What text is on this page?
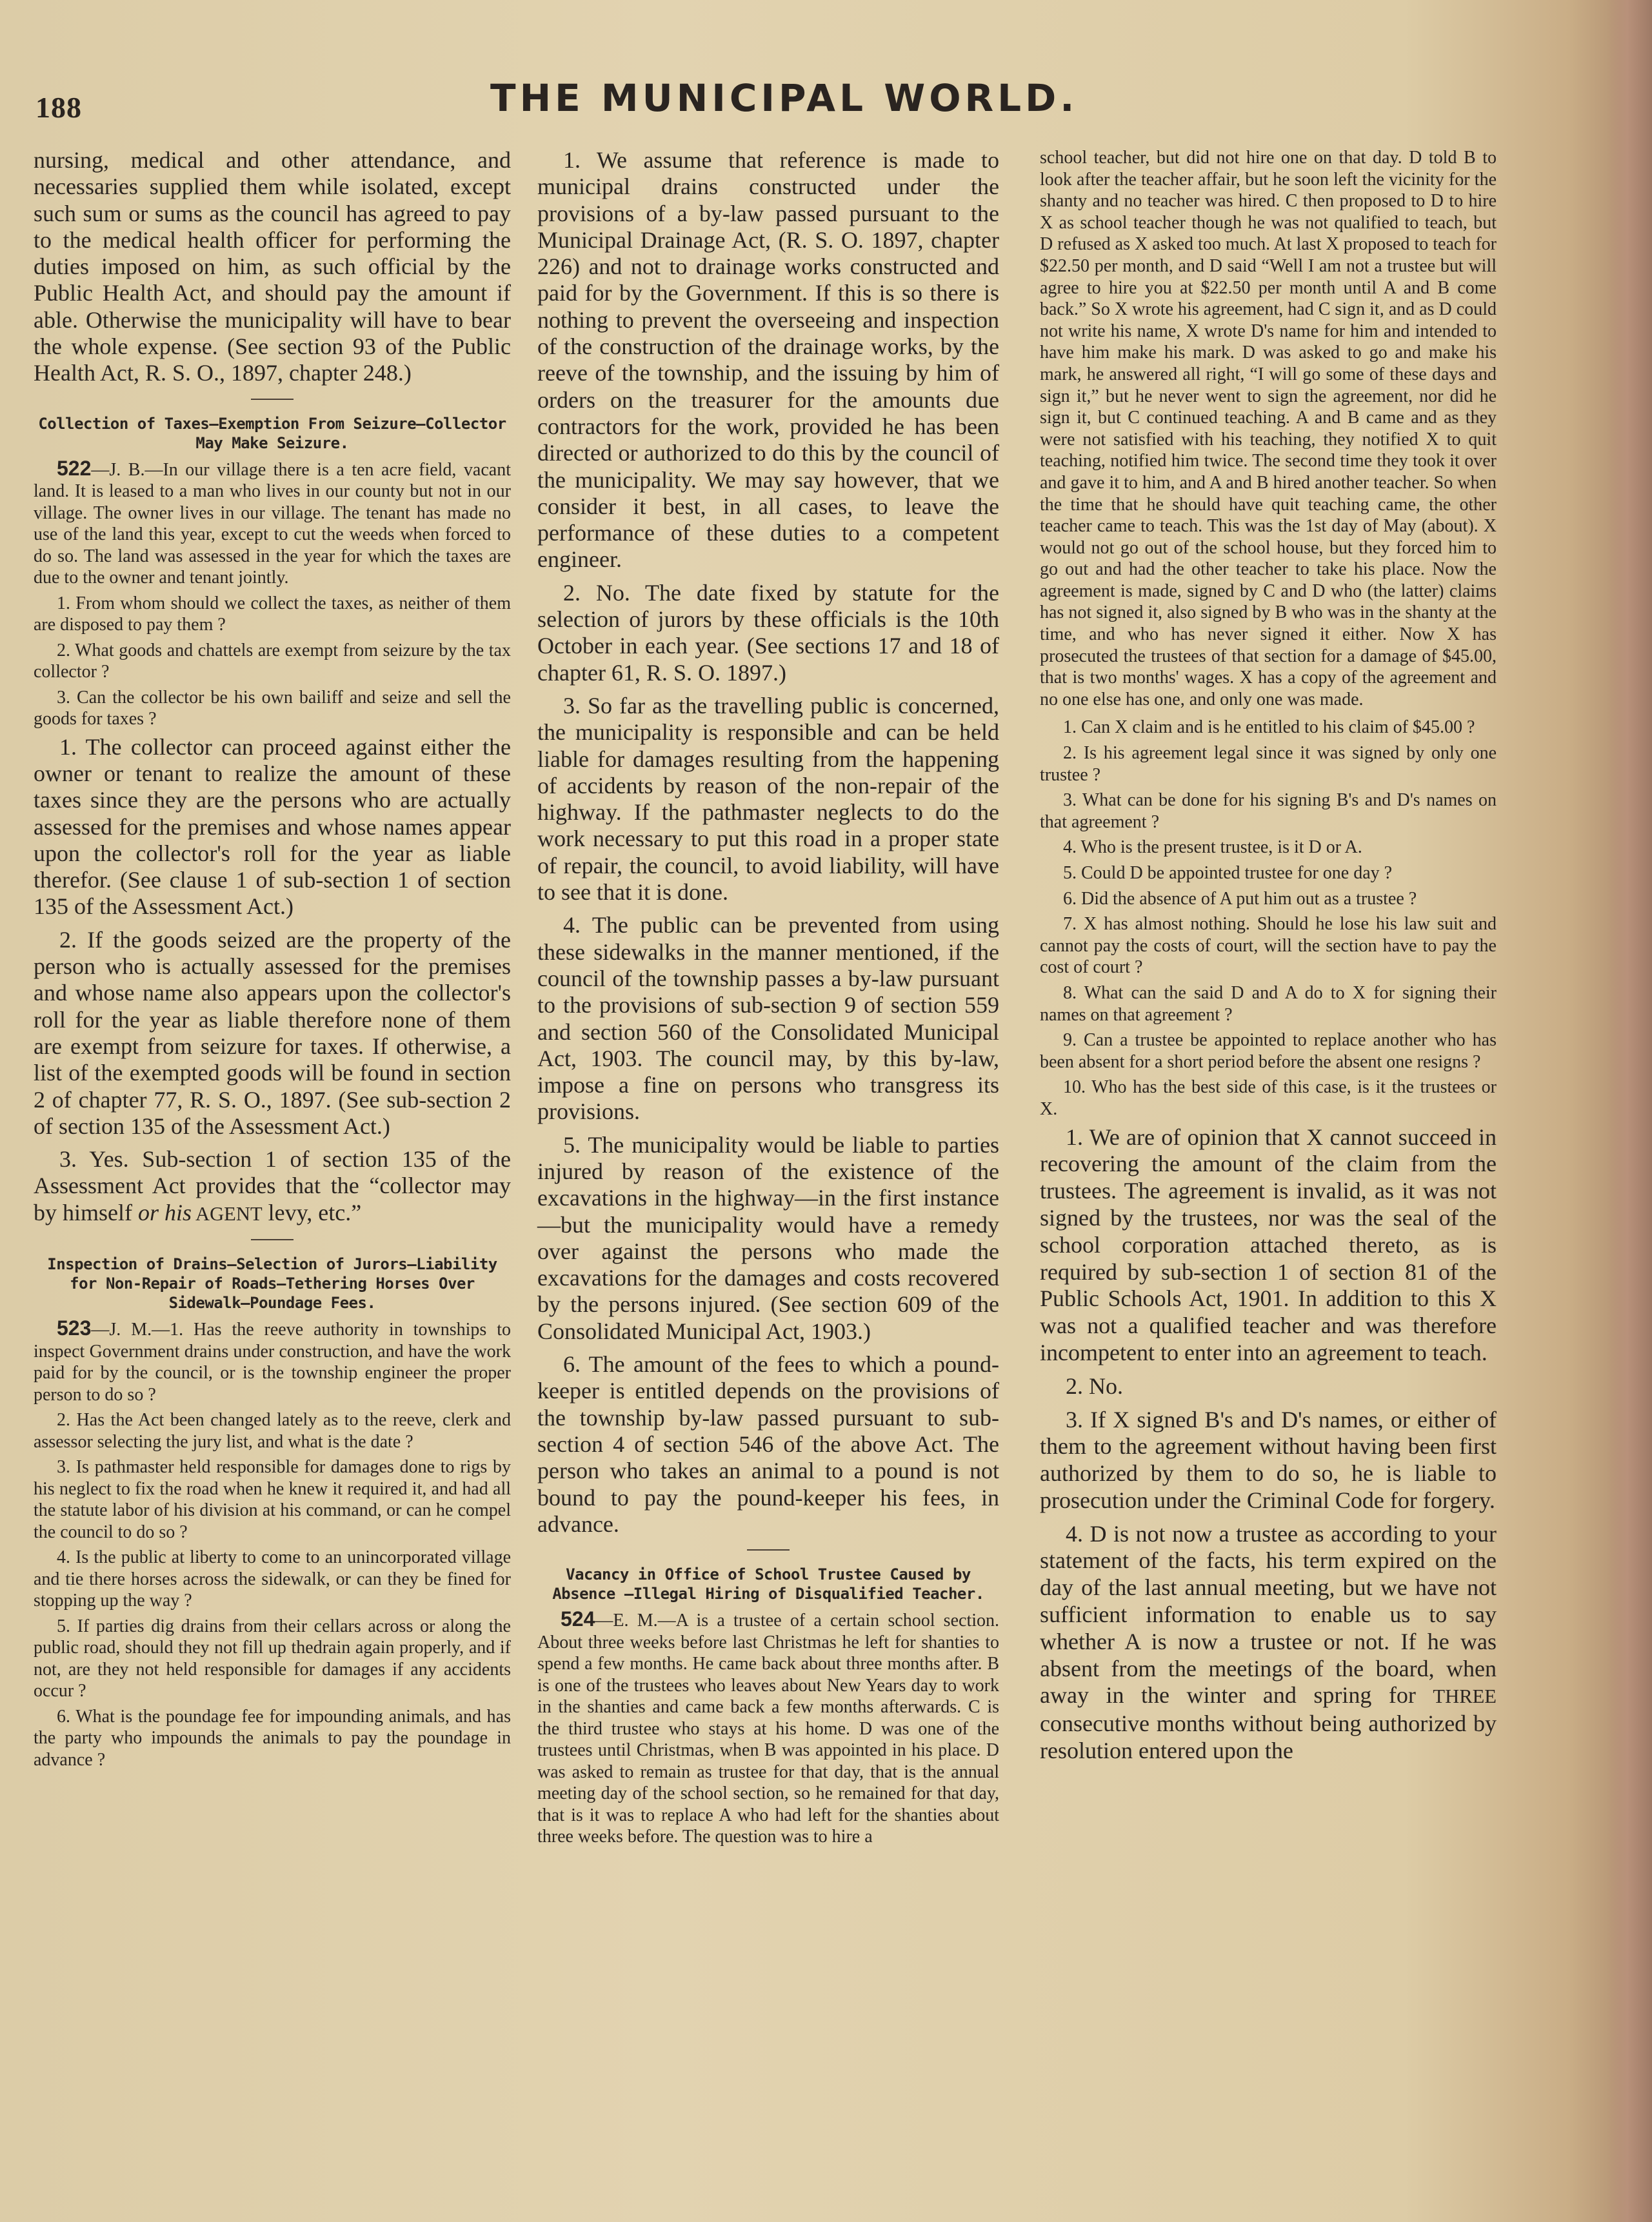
188	THE MUNICIPAL WORLD.

nursing, medical and other attendance, and necessaries supplied them while isolated, except such sum or sums as the council has agreed to pay to the medical health officer for performing the duties imposed on him, as such official by the Public Health Act, and should pay the amount if able. Otherwise the municipality will have to bear the whole expense. (See section 93 of the Public Health Act, R. S. O., 1897, chapter 248.)

Collection of Taxes—Exemption From Seizure—Collector May Make Seizure.

522—J. B.—In our village there is a ten acre field, vacant land. It is leased to a man who lives in our county but not in our village. The owner lives in our village. The tenant has made no use of the land this year, except to cut the weeds when forced to do so. The land was assessed in the year for which the taxes are due to the owner and tenant jointly.

1. From whom should we collect the taxes, as neither of them are disposed to pay them ?

2. What goods and chattels are exempt from seizure by the tax collector ?

3. Can the collector be his own bailiff and seize and sell the goods for taxes ?

1. The collector can proceed against either the owner or tenant to realize the amount of these taxes since they are the persons who are actually assessed for the premises and whose names appear upon the collector's roll for the year as liable therefor. (See clause 1 of sub-section 1 of section 135 of the Assessment Act.)

2. If the goods seized are the property of the person who is actually assessed for the premises and whose name also appears upon the collector's roll for the year as liable therefore none of them are exempt from seizure for taxes. If otherwise, a list of the exempted goods will be found in section 2 of chapter 77, R. S. O., 1897. (See sub-section 2 of section 135 of the Assessment Act.)

3. Yes. Sub-section 1 of section 135 of the Assessment Act provides that the “collector may by himself or his AGENT levy, etc.”

Inspection of Drains—Selection of Jurors—Liability for Non-Repair of Roads—Tethering Horses Over Sidewalk—Poundage Fees.

523—J. M.—1. Has the reeve authority in townships to inspect Government drains under construction, and have the work paid for by the council, or is the township engineer the proper person to do so ?

2. Has the Act been changed lately as to the reeve, clerk and assessor selecting the jury list, and what is the date ?

3. Is pathmaster held responsible for damages done to rigs by his neglect to fix the road when he knew it required it, and had all the statute labor of his division at his command, or can he compel the council to do so ?

4. Is the public at liberty to come to an unincorporated village and tie there horses across the sidewalk, or can they be fined for stopping up the way ?

5. If parties dig drains from their cellars across or along the public road, should they not fill up thedrain again properly, and if not, are they not held responsible for damages if any accidents occur ?

6. What is the poundage fee for impounding animals, and has the party who impounds the animals to pay the poundage in advance ?

1. We assume that reference is made to municipal drains constructed under the provisions of a by-law passed pursuant to the Municipal Drainage Act, (R. S. O. 1897, chapter 226) and not to drainage works constructed and paid for by the Government. If this is so there is nothing to prevent the overseeing and inspection of the construction of the drainage works, by the reeve of the township, and the issuing by him of orders on the treasurer for the amounts due contractors for the work, provided he has been directed or authorized to do this by the council of the municipality. We may say however, that we consider it best, in all cases, to leave the performance of these duties to a competent engineer.

2. No. The date fixed by statute for the selection of jurors by these officials is the 10th October in each year. (See sections 17 and 18 of chapter 61, R. S. O. 1897.)

3. So far as the travelling public is concerned, the municipality is responsible and can be held liable for damages resulting from the happening of accidents by reason of the non-repair of the highway. If the pathmaster neglects to do the work necessary to put this road in a proper state of repair, the council, to avoid liability, will have to see that it is done.

4. The public can be prevented from using these sidewalks in the manner mentioned, if the council of the township passes a by-law pursuant to the provisions of sub-section 9 of section 559 and section 560 of the Consolidated Municipal Act, 1903. The council may, by this by-law, impose a fine on persons who transgress its provisions.

5. The municipality would be liable to parties injured by reason of the existence of the excavations in the highway—in the first instance—but the municipality would have a remedy over against the persons who made the excavations for the damages and costs recovered by the persons injured. (See section 609 of the Consolidated Municipal Act, 1903.)

6. The amount of the fees to which a pound-keeper is entitled depends on the provisions of the township by-law passed pursuant to sub-section 4 of section 546 of the above Act. The person who takes an animal to a pound is not bound to pay the pound-keeper his fees, in advance.

Vacancy in Office of School Trustee Caused by Absence —Illegal Hiring of Disqualified Teacher.

524—E. M.—A is a trustee of a certain school section. About three weeks before last Christmas he left for shanties to spend a few months. He came back about three months after. B is one of the trustees who leaves about New Years day to work in the shanties and came back a few months afterwards. C is the third trustee who stays at his home. D was one of the trustees until Christmas, when B was appointed in his place. D was asked to remain as trustee for that day, that is the annual meeting day of the school section, so he remained for that day, that is it was to replace A who had left for the shanties about three weeks before. The question was to hire a

school teacher, but did not hire one on that day. D told B to look after the teacher affair, but he soon left the vicinity for the shanty and no teacher was hired. C then proposed to D to hire X as school teacher though he was not qualified to teach, but D refused as X asked too much. At last X proposed to teach for $22.50 per month, and D said “Well I am not a trustee but will agree to hire you at $22.50 per month until A and B come back.” So X wrote his agreement, had C sign it, and as D could not write his name, X wrote D's name for him and intended to have him make his mark. D was asked to go and make his mark, he answered all right, “I will go some of these days and sign it,” but he never went to sign the agreement, nor did he sign it, but C continued teaching. A and B came and as they were not satisfied with his teaching, they notified X to quit teaching, notified him twice. The second time they took it over and gave it to him, and A and B hired another teacher. So when the time that he should have quit teaching came, the other teacher came to teach. This was the 1st day of May (about). X would not go out of the school house, but they forced him to go out and had the other teacher to take his place. Now the agreement is made, signed by C and D who (the latter) claims has not signed it, also signed by B who was in the shanty at the time, and who has never signed it either. Now X has prosecuted the trustees of that section for a damage of $45.00, that is two months' wages. X has a copy of the agreement and no one else has one, and only one was made.

1. Can X claim and is he entitled to his claim of $45.00 ?

2. Is his agreement legal since it was signed by only one trustee ?

3. What can be done for his signing B's and D's names on that agreement ?

4. Who is the present trustee, is it D or A.

5. Could D be appointed trustee for one day ?

6. Did the absence of A put him out as a trustee ?

7. X has almost nothing. Should he lose his law suit and cannot pay the costs of court, will the section have to pay the cost of court ?

8. What can the said D and A do to X for signing their names on that agreement ?

9. Can a trustee be appointed to replace another who has been absent for a short period before the absent one resigns ?

10. Who has the best side of this case, is it the trustees or X.

1. We are of opinion that X cannot succeed in recovering the amount of the claim from the trustees. The agreement is invalid, as it was not signed by the trustees, nor was the seal of the school corporation attached thereto, as is required by sub-section 1 of section 81 of the Public Schools Act, 1901. In addition to this X was not a qualified teacher and was therefore incompetent to enter into an agreement to teach.

2. No.

3. If X signed B's and D's names, or either of them to the agreement without having been first authorized by them to do so, he is liable to prosecution under the Criminal Code for forgery.

4. D is not now a trustee as according to your statement of the facts, his term expired on the day of the last annual meeting, but we have not sufficient information to enable us to say whether A is now a trustee or not. If he was absent from the meetings of the board, when away in the winter and spring for THREE consecutive months without being authorized by resolution entered upon the
